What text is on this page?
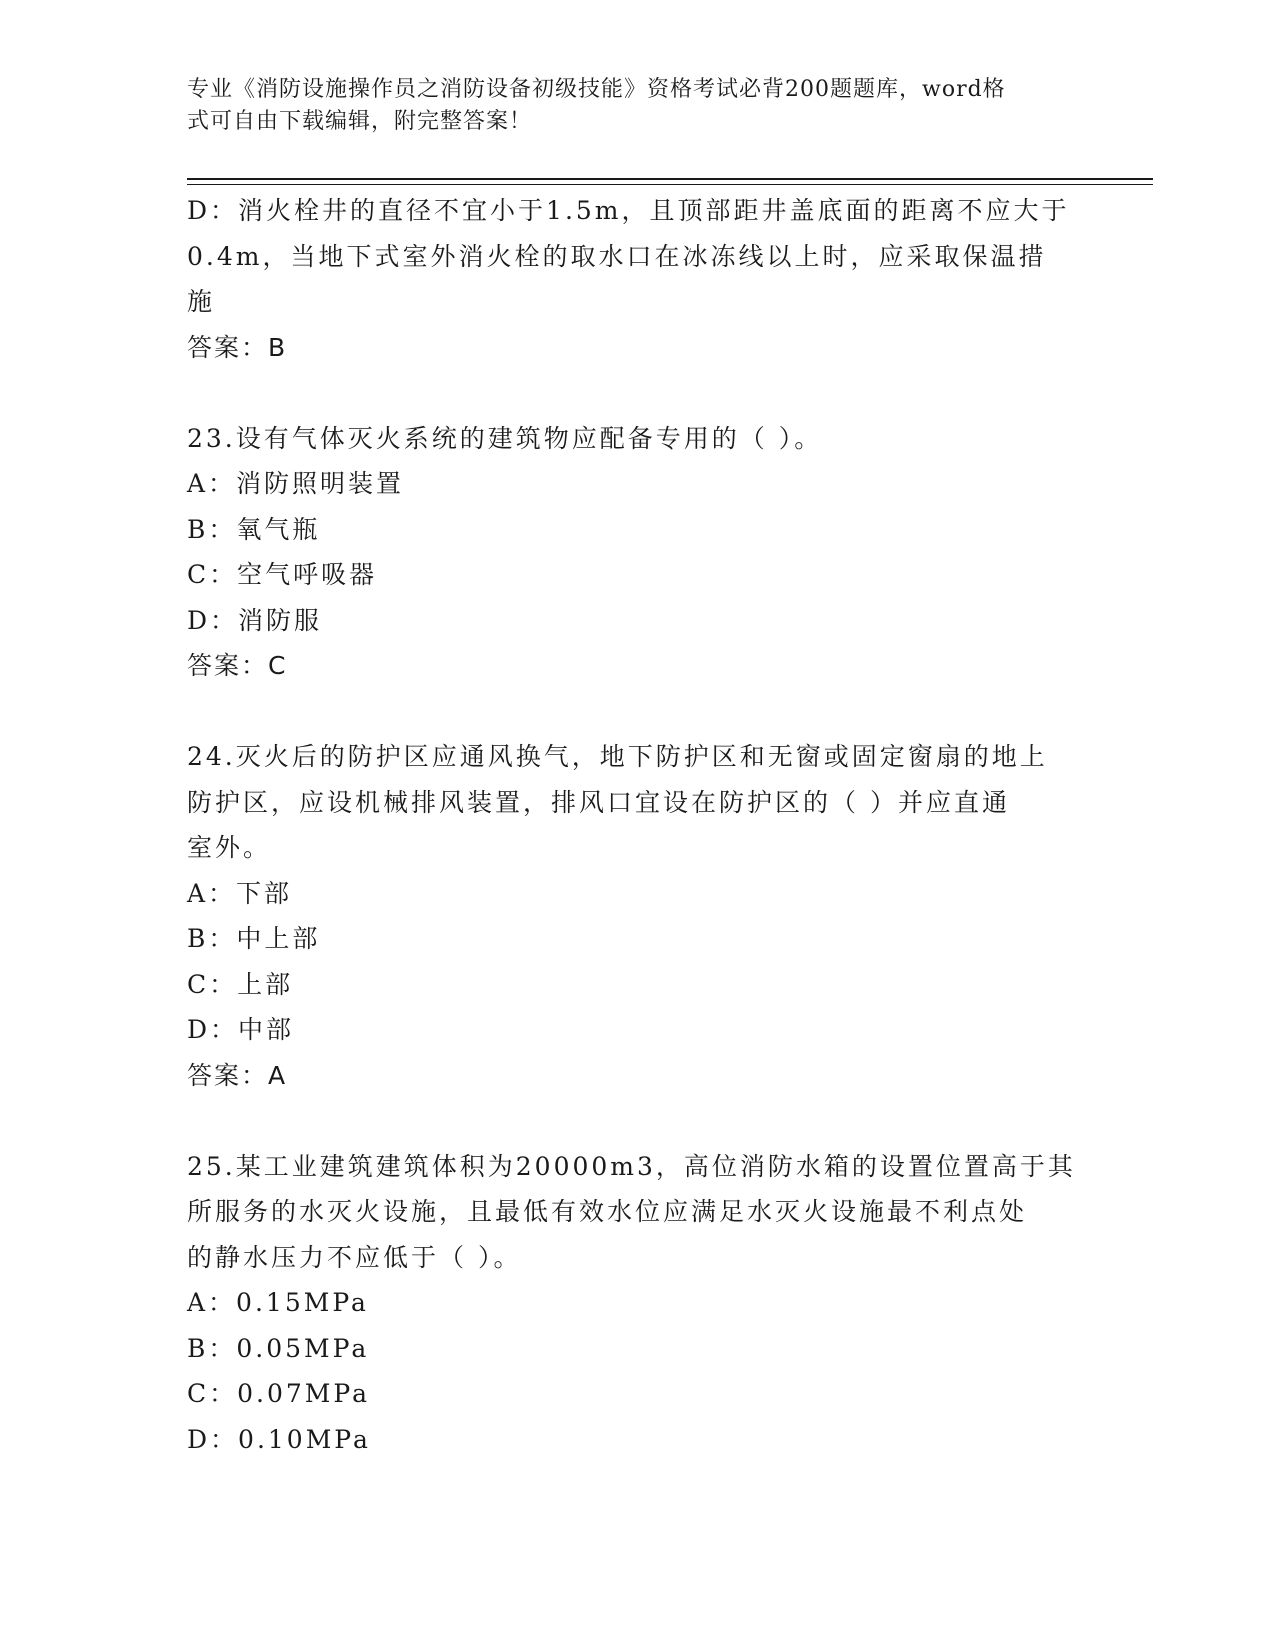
专业《消防设施操作员之消防设备初级技能》资格考试必背200题题库，word格
式可自由下载编辑，附完整答案！
D：消火栓井的直径不宜小于1.5m，且顶部距井盖底面的距离不应大于
0.4m，当地下式室外消火栓的取水口在冰冻线以上时，应采取保温措
施
答案：B
23.设有气体灭火系统的建筑物应配备专用的（ ）。
A：消防照明装置
B：氧气瓶
C：空气呼吸器
D：消防服
答案：C
24.灭火后的防护区应通风换气，地下防护区和无窗或固定窗扇的地上
防护区，应设机械排风装置，排风口宜设在防护区的（ ）并应直通
室外。
A：下部
B：中上部
C：上部
D：中部
答案：A
25.某工业建筑建筑体积为20000m3，高位消防水箱的设置位置高于其
所服务的水灭火设施，且最低有效水位应满足水灭火设施最不利点处
的静水压力不应低于（ ）。
A：0.15MPa
B：0.05MPa
C：0.07MPa
D：0.10MPa
